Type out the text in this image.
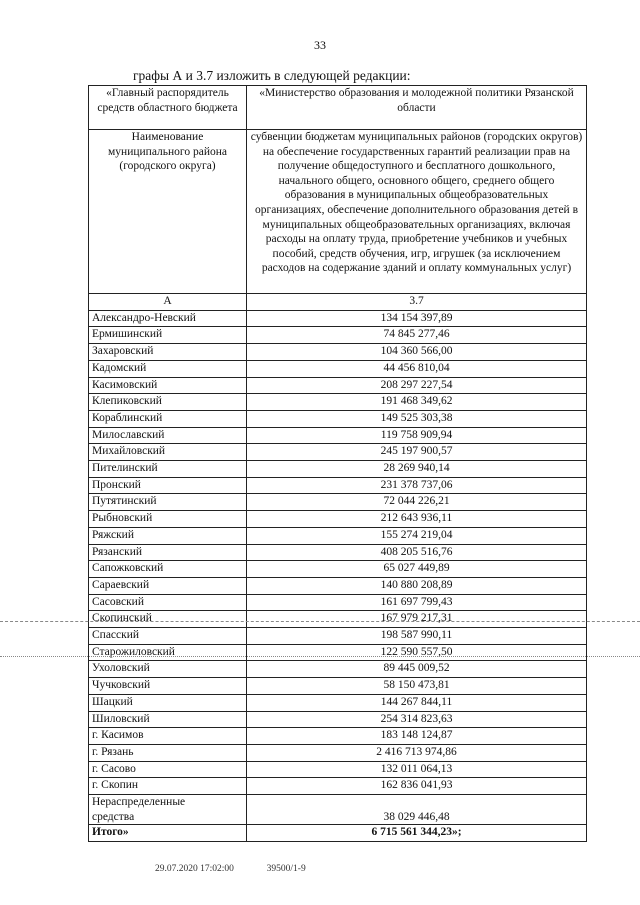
33
графы А и 3.7 изложить в следующей редакции:
«Главный распорядитель средств областного бюджета	«Министерство образования и молодежной политики Рязанской области
Наименование муниципального района (городского округа)	субвенции бюджетам муниципальных районов (городских округов) на обеспечение государственных гарантий реализации прав на получение общедоступного и бесплатного дошкольного, начального общего, основного общего, среднего общего образования в муниципальных общеобразовательных организациях, обеспечение дополнительного образования детей в муниципальных общеобразовательных организациях, включая расходы на оплату труда, приобретение учебников и учебных пособий, средств обучения, игр, игрушек (за исключением расходов на содержание зданий и оплату коммунальных услуг)
А	3.7
Александро-Невский	134 154 397,89
Ермишинский	74 845 277,46
Захаровский	104 360 566,00
Кадомский	44 456 810,04
Касимовский	208 297 227,54
Клепиковский	191 468 349,62
Кораблинский	149 525 303,38
Милославский	119 758 909,94
Михайловский	245 197 900,57
Пителинский	28 269 940,14
Пронский	231 378 737,06
Путятинский	72 044 226,21
Рыбновский	212 643 936,11
Ряжский	155 274 219,04
Рязанский	408 205 516,76
Сапожковский	65 027 449,89
Сараевский	140 880 208,89
Сасовский	161 697 799,43
Скопинский	167 979 217,31
Спасский	198 587 990,11
Старожиловский	122 590 557,50
Ухоловский	89 445 009,52
Чучковский	58 150 473,81
Шацкий	144 267 844,11
Шиловский	254 314 823,63
г. Касимов	183 148 124,87
г. Рязань	2 416 713 974,86
г. Сасово	132 011 064,13
г. Скопин	162 836 041,93

Нераспределенные
средства	38 029 446,48
Итого»	6 715 561 344,23»;
29.07.2020 17:02:00	39500/1-9
